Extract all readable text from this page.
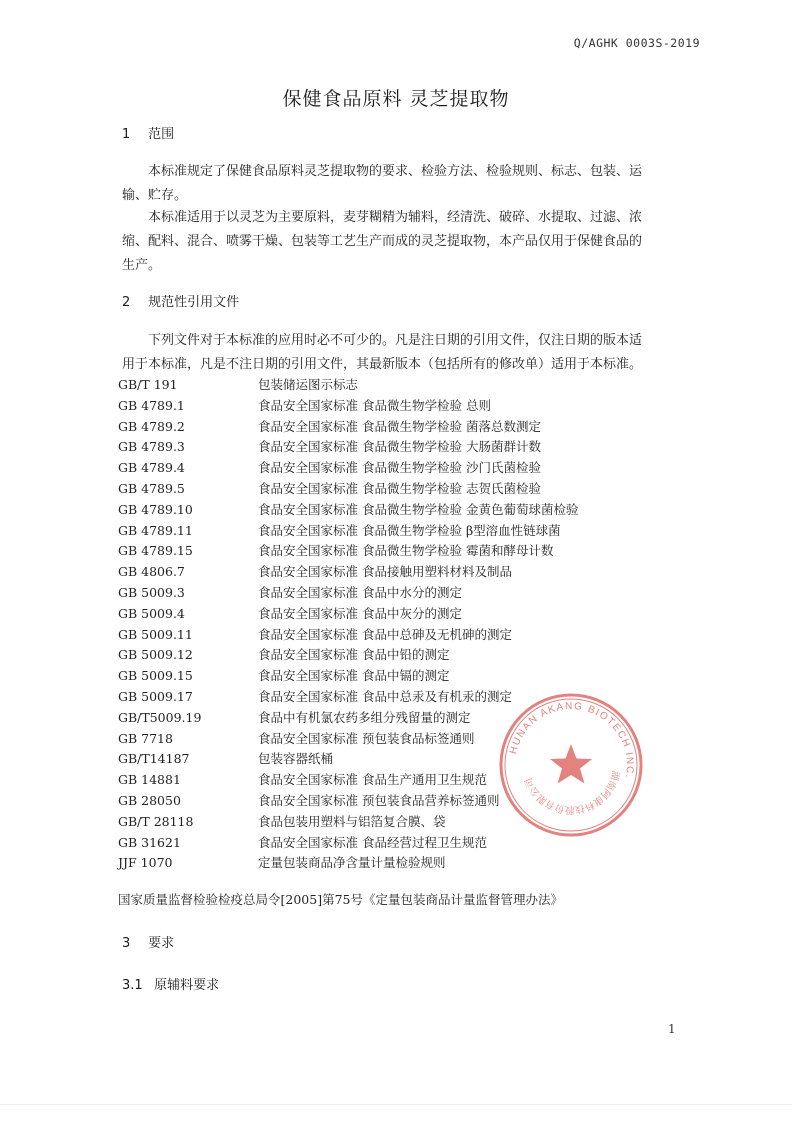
Q/AGHK 0003S-2019
保健食品原料 灵芝提取物
1 范围
本标准规定了保健食品原料灵芝提取物的要求、检验方法、检验规则、标志、包装、运
输、贮存。
本标准适用于以灵芝为主要原料，麦芽糊精为辅料，经清洗、破碎、水提取、过滤、浓
缩、配料、混合、喷雾干燥、包装等工艺生产而成的灵芝提取物，本产品仅用于保健食品的
生产。
2 规范性引用文件
下列文件对于本标准的应用时必不可少的。凡是注日期的引用文件，仅注日期的版本适
用于本标准，凡是不注日期的引用文件，其最新版本（包括所有的修改单）适用于本标准。
GB/T 191	包装储运图示标志
GB 4789.1	食品安全国家标准 食品微生物学检验 总则
GB 4789.2	食品安全国家标准 食品微生物学检验 菌落总数测定
GB 4789.3	食品安全国家标准 食品微生物学检验 大肠菌群计数
GB 4789.4	食品安全国家标准 食品微生物学检验 沙门氏菌检验
GB 4789.5	食品安全国家标准 食品微生物学检验 志贺氏菌检验
GB 4789.10	食品安全国家标准 食品微生物学检验 金黄色葡萄球菌检验
GB 4789.11	食品安全国家标准 食品微生物学检验 β型溶血性链球菌
GB 4789.15	食品安全国家标准 食品微生物学检验 霉菌和酵母计数
GB 4806.7	食品安全国家标准 食品接触用塑料材料及制品
GB 5009.3	食品安全国家标准 食品中水分的测定
GB 5009.4	食品安全国家标准 食品中灰分的测定
GB 5009.11	食品安全国家标准 食品中总砷及无机砷的测定
GB 5009.12	食品安全国家标准 食品中铅的测定
GB 5009.15	食品安全国家标准 食品中镉的测定
GB 5009.17	食品安全国家标准 食品中总汞及有机汞的测定
GB/T5009.19	食品中有机氯农药多组分残留量的测定
GB 7718	食品安全国家标准 预包装食品标签通则
GB/T14187	包装容器纸桶
GB 14881	食品安全国家标准 食品生产通用卫生规范
GB 28050	食品安全国家标准 预包装食品营养标签通则
GB/T 28118	食品包装用塑料与铝箔复合膜、袋
GB 31621	食品安全国家标准 食品经营过程卫生规范
JJF 1070	定量包装商品净含量计量检验规则
国家质量监督检验检疫总局令[2005]第75号《定量包装商品计量监督管理办法》
3 要求
3.1 原辅料要求
HUNAN AKANG BIOTECH INC.
湖南阿康科技股份有限公司
1
